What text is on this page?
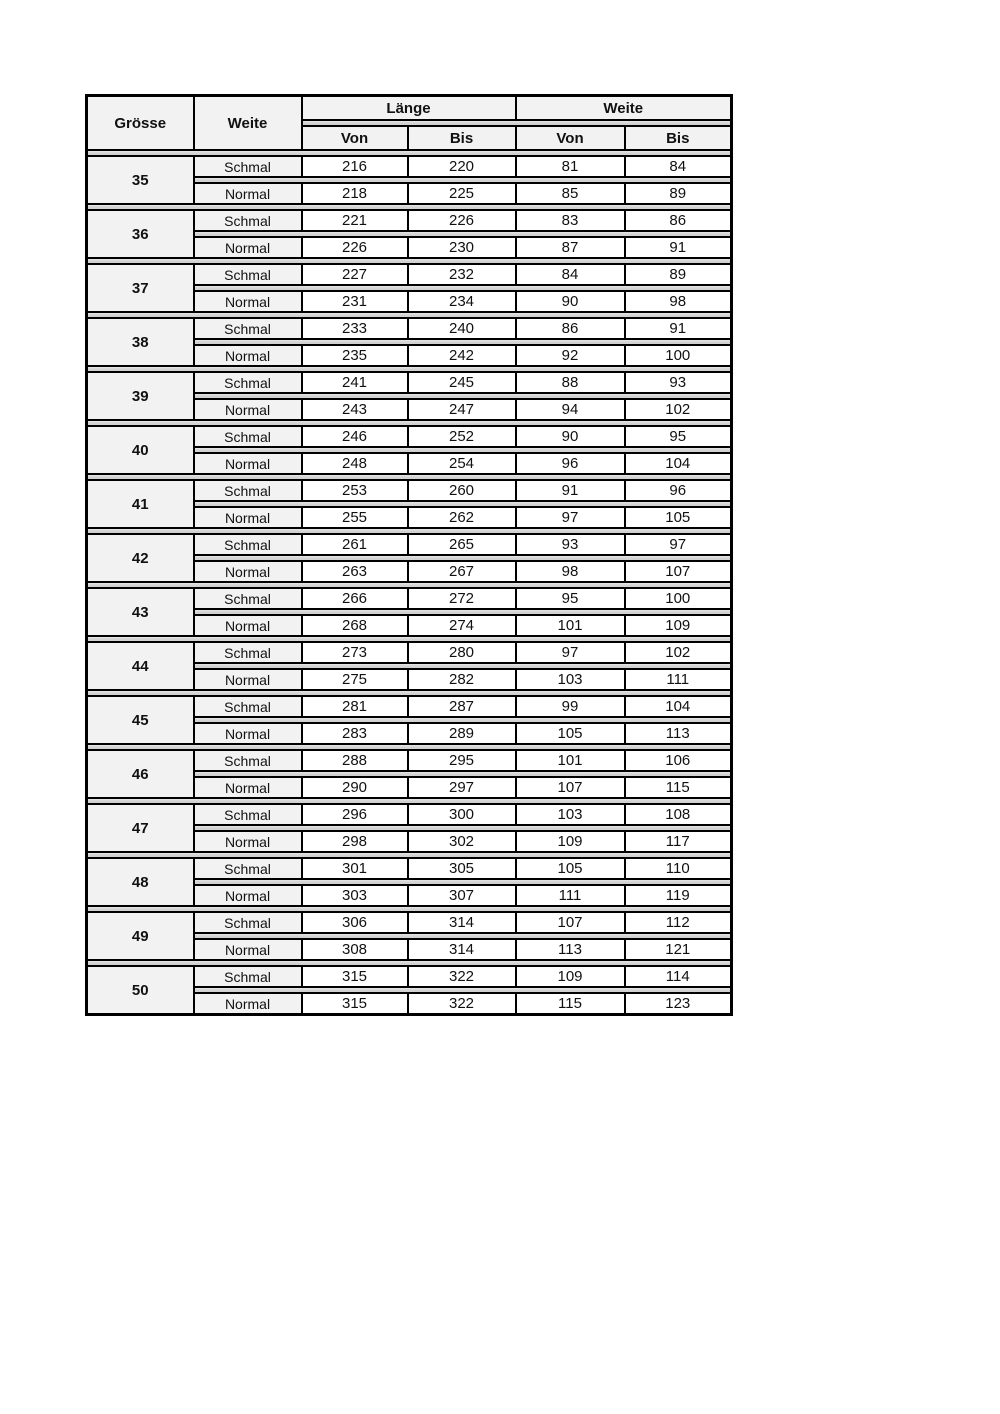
Grösse	Weite	Länge		Weite	

		Von	Bis	Von	Bis

35	Schmal	216	220	81	84

	Normal	218	225	85	89

36	Schmal	221	226	83	86

	Normal	226	230	87	91

37	Schmal	227	232	84	89

	Normal	231	234	90	98

38	Schmal	233	240	86	91

	Normal	235	242	92	100

39	Schmal	241	245	88	93

	Normal	243	247	94	102

40	Schmal	246	252	90	95

	Normal	248	254	96	104

41	Schmal	253	260	91	96

	Normal	255	262	97	105

42	Schmal	261	265	93	97

	Normal	263	267	98	107

43	Schmal	266	272	95	100

	Normal	268	274	101	109

44	Schmal	273	280	97	102

	Normal	275	282	103	111

45	Schmal	281	287	99	104

	Normal	283	289	105	113

46	Schmal	288	295	101	106

	Normal	290	297	107	115

47	Schmal	296	300	103	108

	Normal	298	302	109	117

48	Schmal	301	305	105	110

	Normal	303	307	111	119

49	Schmal	306	314	107	112

	Normal	308	314	113	121

50	Schmal	315	322	109	114

	Normal	315	322	115	123
